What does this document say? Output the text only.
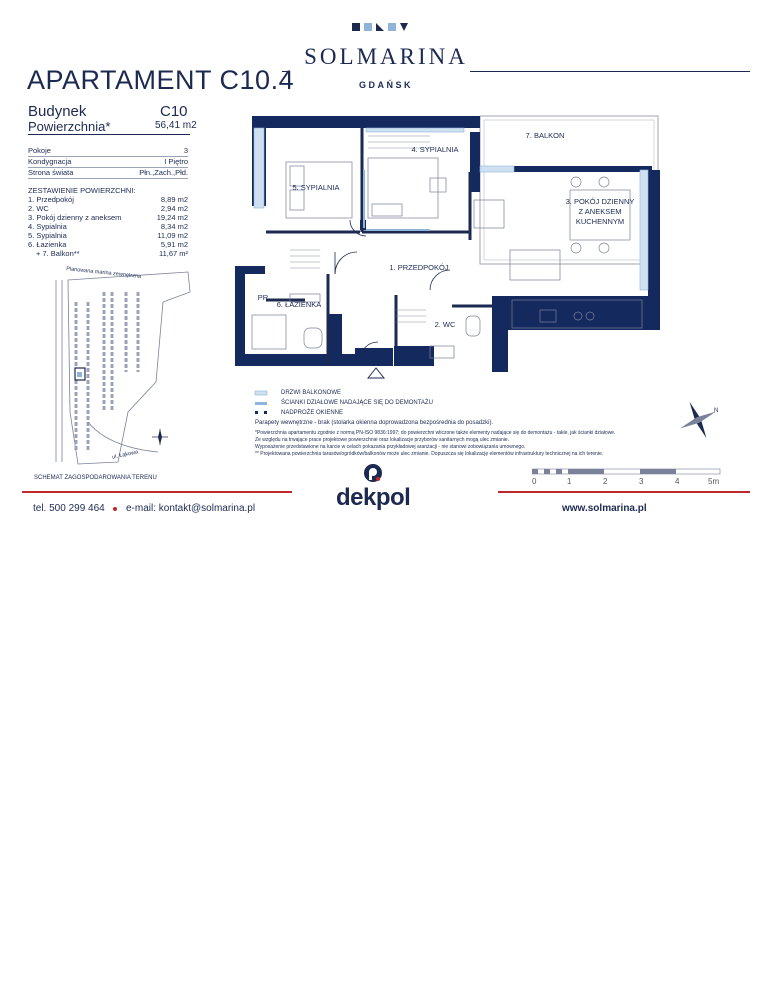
SOLMARINA
GDAŃSK
APARTAMENT C10.4
Budynek	C10
Powierzchnia*	56,41 m2
Pokoje	3
Kondygnacja	I Piętro
Strona świata	Płn.,Zach.,Płd.
ZESTAWIENIE POWIERZCHNI:
1. Przedpokój	8,89 m2
2. WC	2,94 m2
3. Pokój dzienny z aneksem	19,24 m2
4. Sypialnia	8,34 m2
5. Sypialnia	11,09 m2
6. Łazienka	5,91 m2
+ 7. Balkon**	11,67 m²
Planowana marina zewnętrzna
ul. Łąkowa
SCHEMAT ZAGOSPODAROWANIA TERENU
7. BALKON
4. SYPIALNIA
5. SYPIALNIA
3. POKÓJ DZIENNY
Z ANEKSEM
KUCHENNYM
1. PRZEDPOKÓJ
PR
6. ŁAZIENKA
2. WC
ZM
N
DRZWI BALKONOWE
ŚCIANKI DZIAŁOWE NADAJĄCE SIĘ DO DEMONTAŻU
NADPROŻE OKIENNE
Parapety wewnętrzne - brak (stolarka okienna doprowadzona bezpośrednia do posadzki).
*Powierzchnia apartamentu zgodnie z normą PN-ISO 9836:1997; do powierzchni wliczone także elementy nadające się do demontażu - takie, jak ścianki działowe.
Ze względu na trwające prace projektowe powierzchnie oraz lokalizacje przyborów sanitarnych mogą ulec zmianie.
Wyposażenie przedstawione na karcie w celach pokazania przykładowej aranżacji - nie stanowi zobowiązania umownego.
** Projektowana powierzchnia tarasów/ogródków/balkonów może ulec zmianie. Dopuszcza się lokalizację elementów infrastruktury technicznej na ich terenie.
0	1	2	3	4	5m
dekpol
tel. 500 299 464 e-mail: kontakt@solmarina.pl	www.solmarina.pl
